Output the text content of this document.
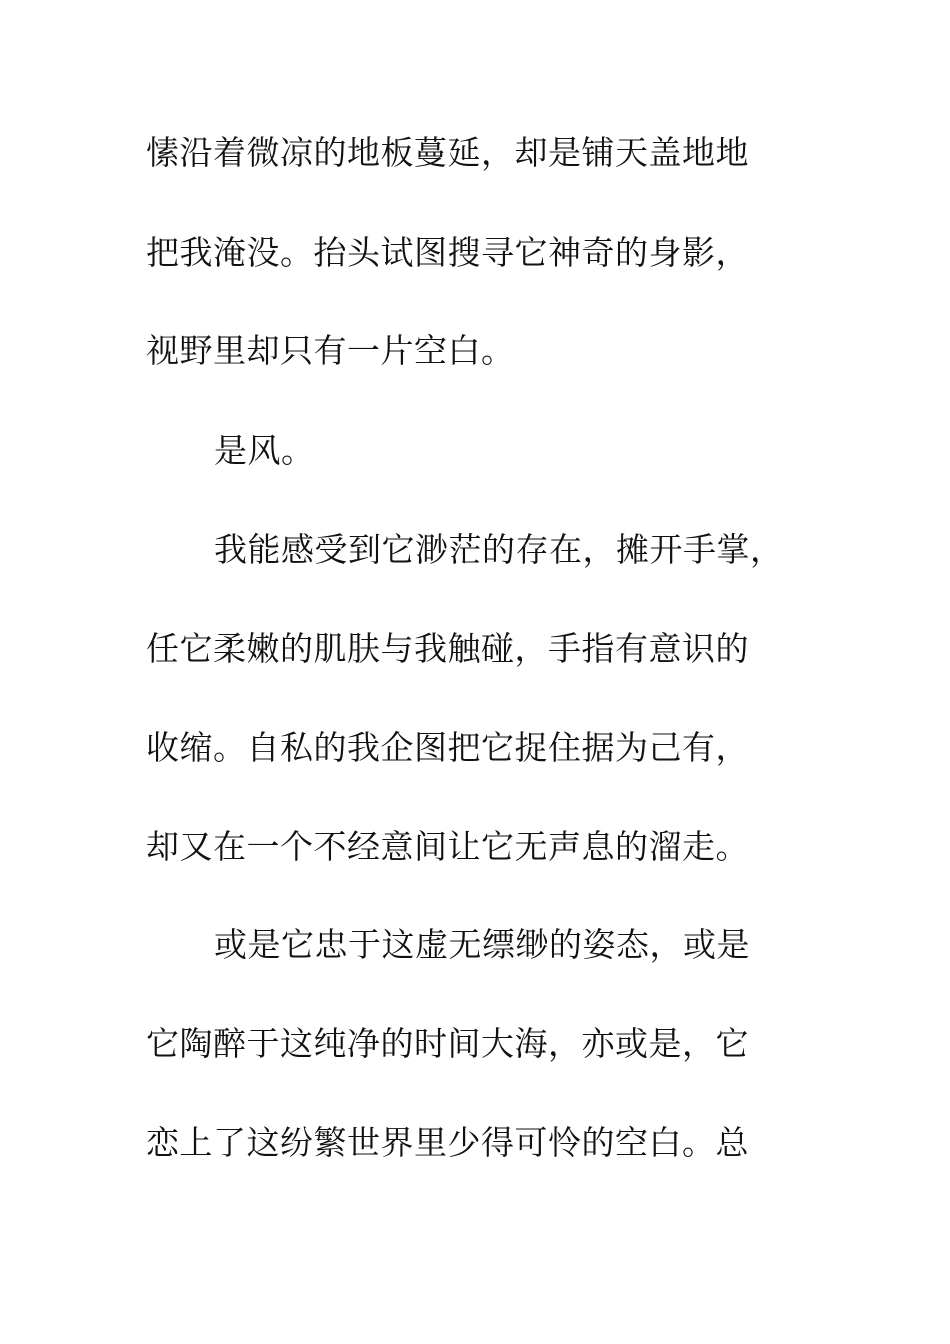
愫沿着微凉的地板蔓延，却是铺天盖地地
把我淹没。抬头试图搜寻它神奇的身影，
视野里却只有一片空白。
是风。
我能感受到它渺茫的存在，摊开手掌，
任它柔嫩的肌肤与我触碰，手指有意识的
收缩。自私的我企图把它捉住据为己有，
却又在一个不经意间让它无声息的溜走。
或是它忠于这虚无缥缈的姿态，或是
它陶醉于这纯净的时间大海，亦或是，它
恋上了这纷繁世界里少得可怜的空白。总
